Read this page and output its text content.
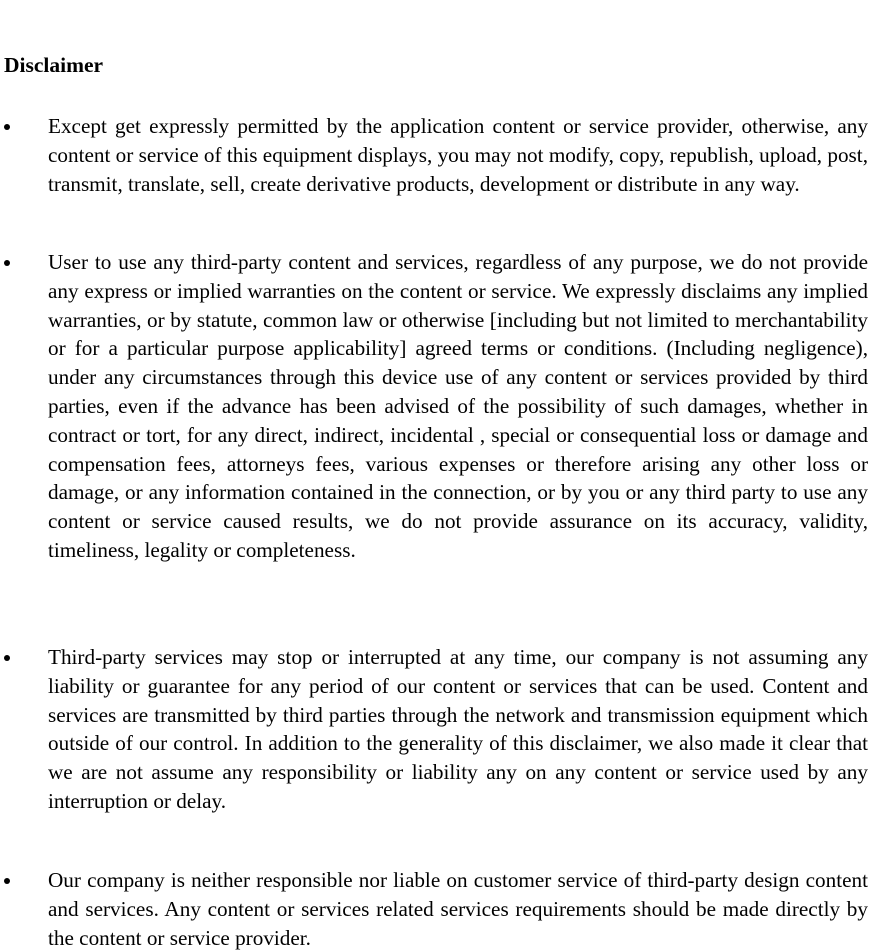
Disclaimer

Except get expressly permitted by the application content or service provider, otherwise, any content or service of this equipment displays, you may not modify, copy, republish, upload, post, transmit, translate, sell, create derivative products, development or distribute in any way.

User to use any third-party content and services, regardless of any purpose, we do not provide any express or implied warranties on the content or service. We expressly disclaims any implied warranties, or by statute, common law or otherwise [including but not limited to merchantability or for a particular purpose applicability] agreed terms or conditions. (Including negligence), under any circumstances through this device use of any content or services provided by third parties, even if the advance has been advised of the possibility of such damages, whether in contract or tort, for any direct, indirect, incidental , special or consequential loss or damage and compensation fees, attorneys fees, various expenses or therefore arising any other loss or damage, or any information contained in the connection, or by you or any third party to use any content or service caused results, we do not provide assurance on its accuracy, validity, timeliness, legality or completeness.

Third-party services may stop or interrupted at any time, our company is not assuming any liability or guarantee for any period of our content or services that can be used. Content and services are transmitted by third parties through the network and transmission equipment which outside of our control. In addition to the generality of this disclaimer, we also made it clear that we are not assume any responsibility or liability any on any content or service used by any interruption or delay.

Our company is neither responsible nor liable on customer service of third-party design content and services. Any content or services related services requirements should be made directly by the content or service provider.
